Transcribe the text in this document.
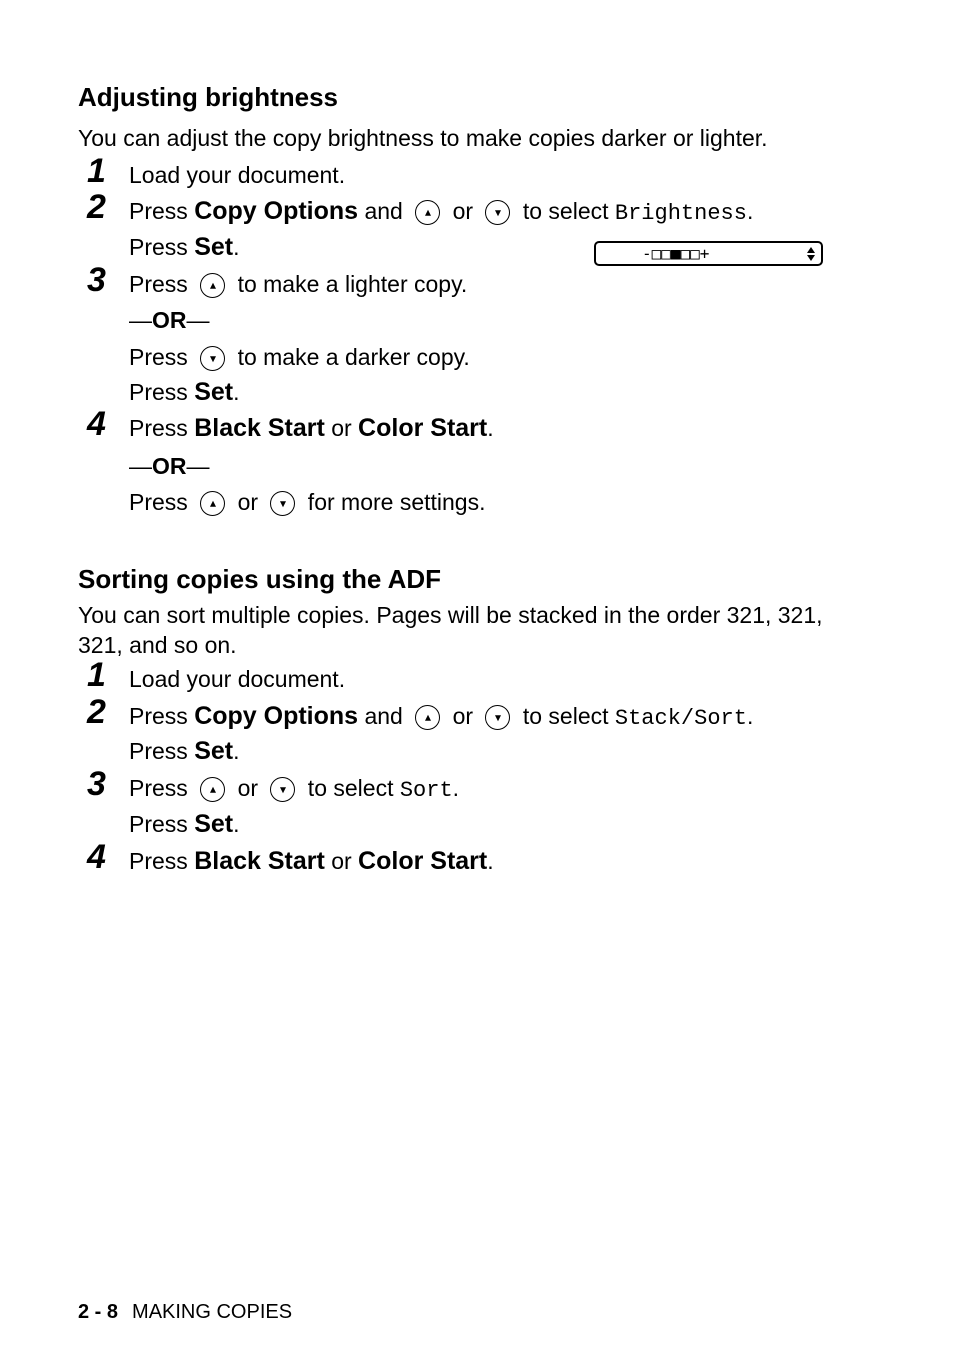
Adjusting brightness

You can adjust the copy brightness to make copies darker or lighter.

1 Load your document.

2 Press Copy Options and
or
to select Brightness.

Press Set.	-□□■□□+
3 Press
to make a lighter copy.

—OR—

Press
to make a darker copy.

Press Set.

4 Press Black Start or Color Start.

—OR—

Press
or
for more settings.

Sorting copies using the ADF

You can sort multiple copies. Pages will be stacked in the order 321, 321, 321, and so on.

1 Load your document.

2 Press Copy Options and
or
to select Stack/Sort.

Press Set.

3 Press
or
to select Sort.

Press Set.

4 Press Black Start or Color Start.

2 - 8 MAKING COPIES
